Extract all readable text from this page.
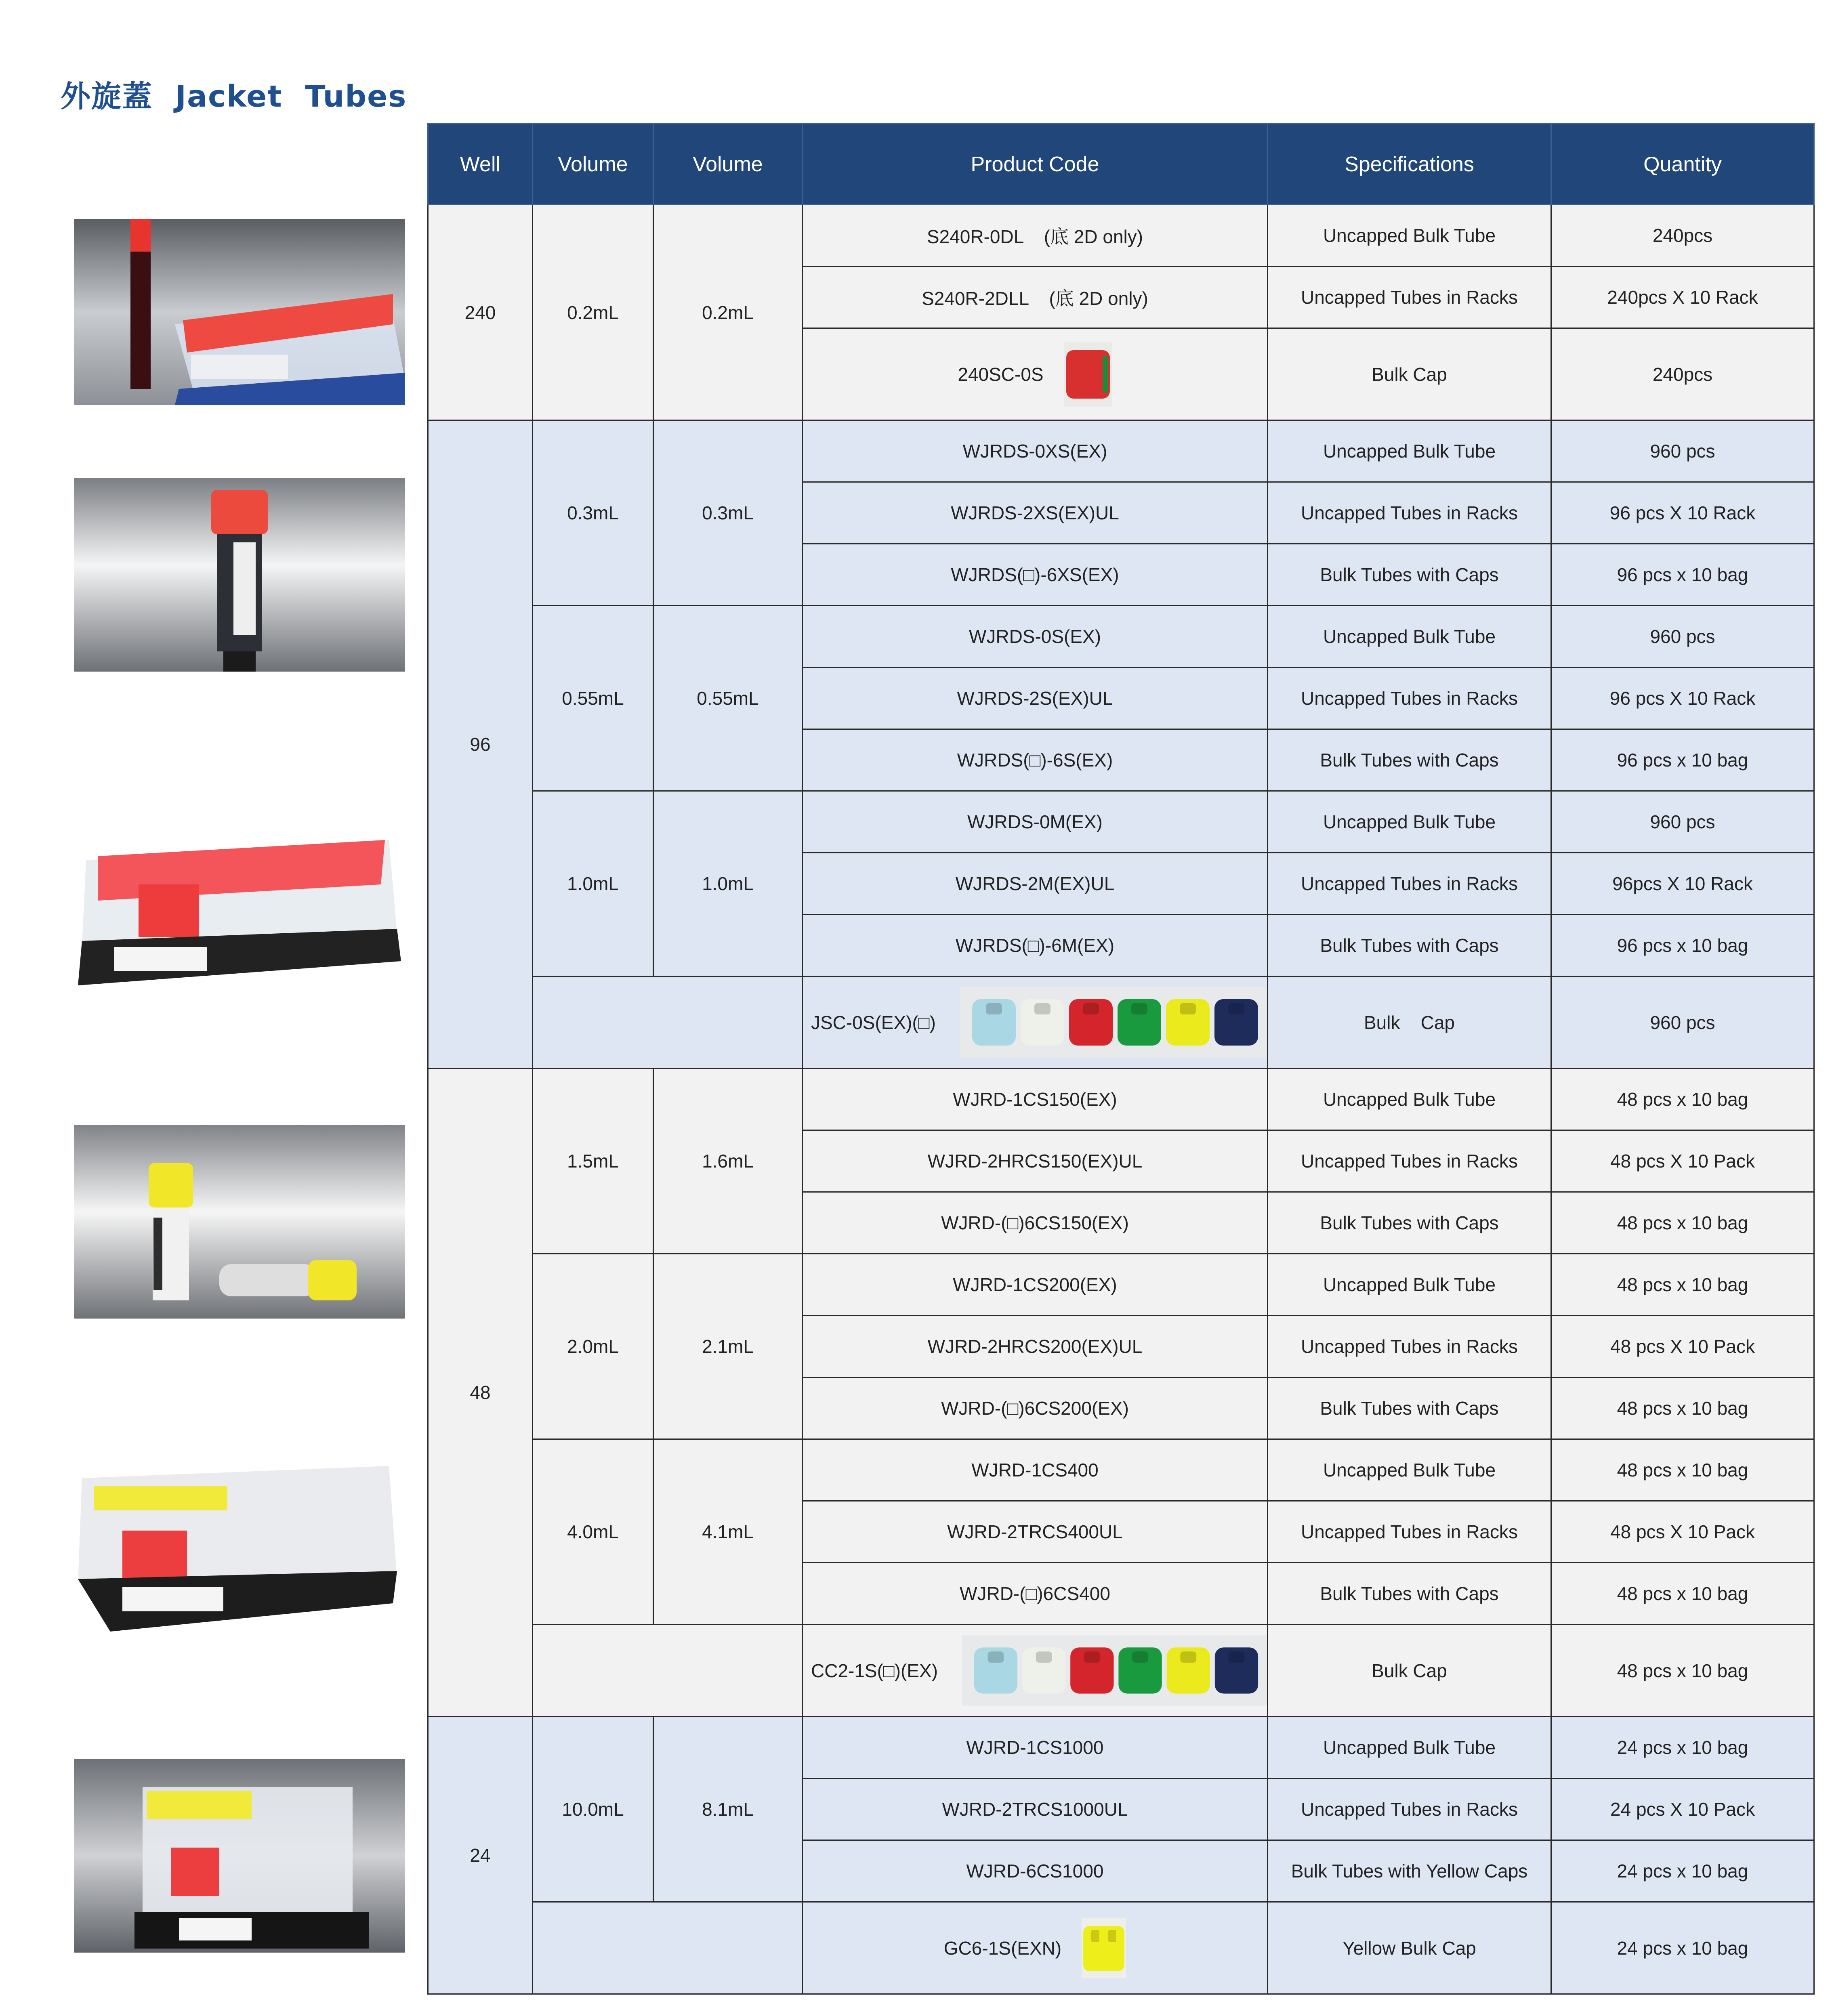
外旋蓋  Jacket  Tubes
Well	Volume	Volume	Product Code	Specifications	Quantity
240	0.2mL	0.2mL	S240R-0DL    (底 2D only)	Uncapped Bulk Tube	240pcs
			S240R-2DLL    (底 2D only)	Uncapped Tubes in Racks	240pcs X 10 Rack

			240SC-0S	Bulk Cap	240pcs
96	0.3mL	0.3mL	WJRDS-0XS(EX)	Uncapped Bulk Tube	960 pcs
			WJRDS-2XS(EX)UL	Uncapped Tubes in Racks	96 pcs X 10 Rack
			WJRDS(□)-6XS(EX)	Bulk Tubes with Caps	96 pcs x 10 bag
	0.55mL	0.55mL	WJRDS-0S(EX)	Uncapped Bulk Tube	960 pcs
			WJRDS-2S(EX)UL	Uncapped Tubes in Racks	96 pcs X 10 Rack
			WJRDS(□)-6S(EX)	Bulk Tubes with Caps	96 pcs x 10 bag
	1.0mL	1.0mL	WJRDS-0M(EX)	Uncapped Bulk Tube	960 pcs
			WJRDS-2M(EX)UL	Uncapped Tubes in Racks	96pcs X 10 Rack
			WJRDS(□)-6M(EX)	Bulk Tubes with Caps	96 pcs x 10 bag

			JSC-0S(EX)(□)	Bulk    Cap	960 pcs
48	1.5mL	1.6mL	WJRD-1CS150(EX)	Uncapped Bulk Tube	48 pcs x 10 bag
			WJRD-2HRCS150(EX)UL	Uncapped Tubes in Racks	48 pcs X 10 Pack
			WJRD-(□)6CS150(EX)	Bulk Tubes with Caps	48 pcs x 10 bag
	2.0mL	2.1mL	WJRD-1CS200(EX)	Uncapped Bulk Tube	48 pcs x 10 bag
			WJRD-2HRCS200(EX)UL	Uncapped Tubes in Racks	48 pcs X 10 Pack
			WJRD-(□)6CS200(EX)	Bulk Tubes with Caps	48 pcs x 10 bag
	4.0mL	4.1mL	WJRD-1CS400	Uncapped Bulk Tube	48 pcs x 10 bag
			WJRD-2TRCS400UL	Uncapped Tubes in Racks	48 pcs X 10 Pack
			WJRD-(□)6CS400	Bulk Tubes with Caps	48 pcs x 10 bag

			CC2-1S(□)(EX)	Bulk Cap	48 pcs x 10 bag
24	10.0mL	8.1mL	WJRD-1CS1000	Uncapped Bulk Tube	24 pcs x 10 bag
			WJRD-2TRCS1000UL	Uncapped Tubes in Racks	24 pcs X 10 Pack
			WJRD-6CS1000	Bulk Tubes with Yellow Caps	24 pcs x 10 bag

			GC6-1S(EXN)	Yellow Bulk Cap	24 pcs x 10 bag
